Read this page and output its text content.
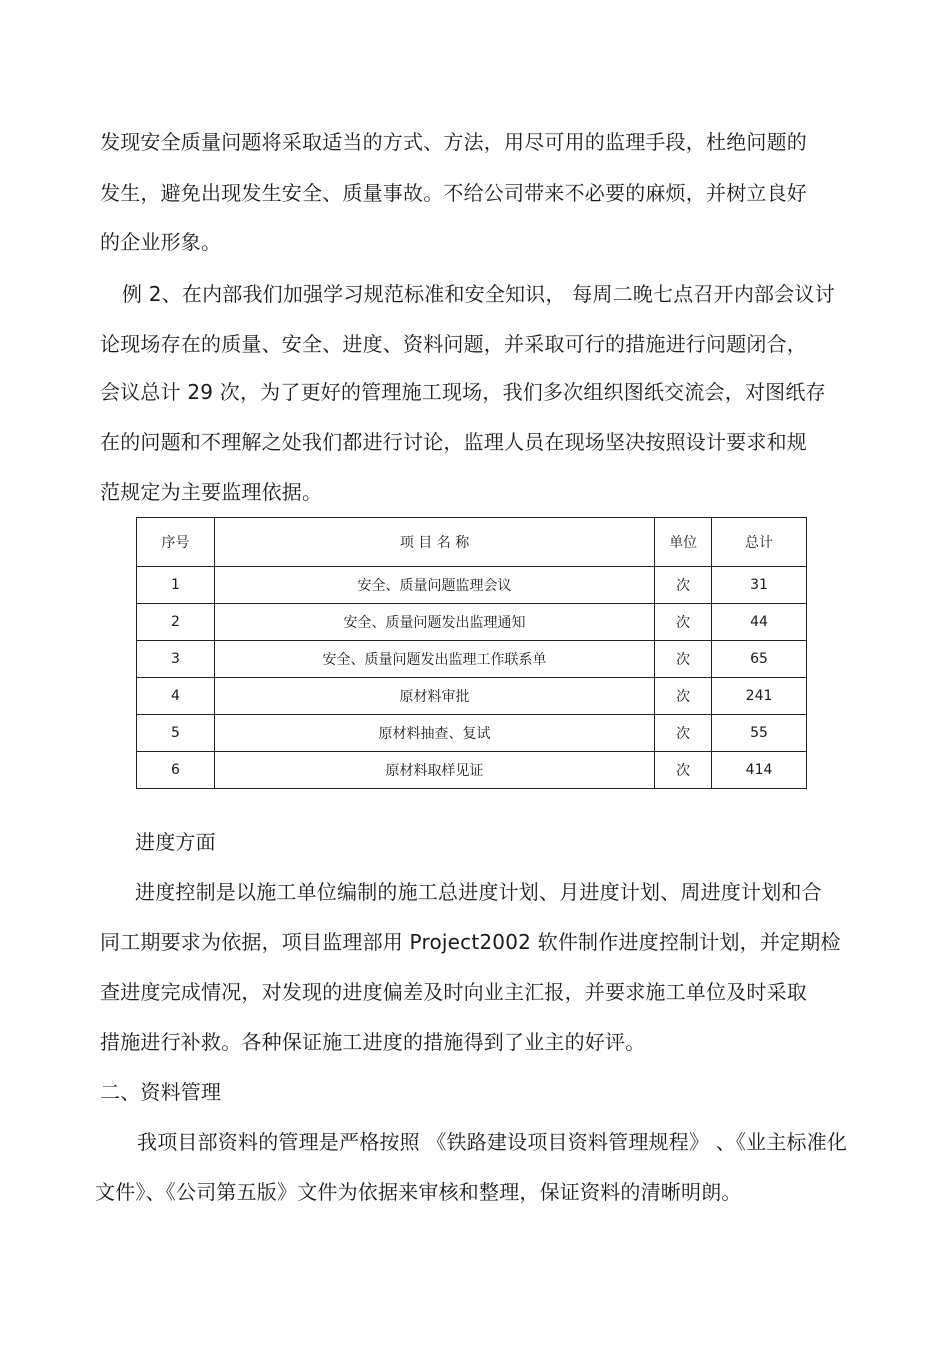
发现安全质量问题将采取适当的方式、方法，用尽可用的监理手段，杜绝问题的
发生，避免出现发生安全、质量事故。不给公司带来不必要的麻烦，并树立良好
的企业形象。
例 2、在内部我们加强学习规范标准和安全知识， 每周二晚七点召开内部会议讨
论现场存在的质量、安全、进度、资料问题，并采取可行的措施进行问题闭合，
会议总计 29 次，为了更好的管理施工现场，我们多次组织图纸交流会，对图纸存
在的问题和不理解之处我们都进行讨论，监理人员在现场坚决按照设计要求和规
范规定为主要监理依据。
序号	项 目 名 称	单位	总计
1	安全、质量问题监理会议	次	31
2	安全、质量问题发出监理通知	次	44
3	安全、质量问题发出监理工作联系单	次	65
4	原材料审批	次	241
5	原材料抽查、复试	次	55
6	原材料取样见证	次	414
进度方面
进度控制是以施工单位编制的施工总进度计划、月进度计划、周进度计划和合
同工期要求为依据，项目监理部用 Project2002 软件制作进度控制计划，并定期检
查进度完成情况，对发现的进度偏差及时向业主汇报，并要求施工单位及时采取
措施进行补救。各种保证施工进度的措施得到了业主的好评。
二、资料管理
我项目部资料的管理是严格按照 《铁路建设项目资料管理规程》 、《业主标准化
文件》、《公司第五版》文件为依据来审核和整理，保证资料的清晰明朗。
